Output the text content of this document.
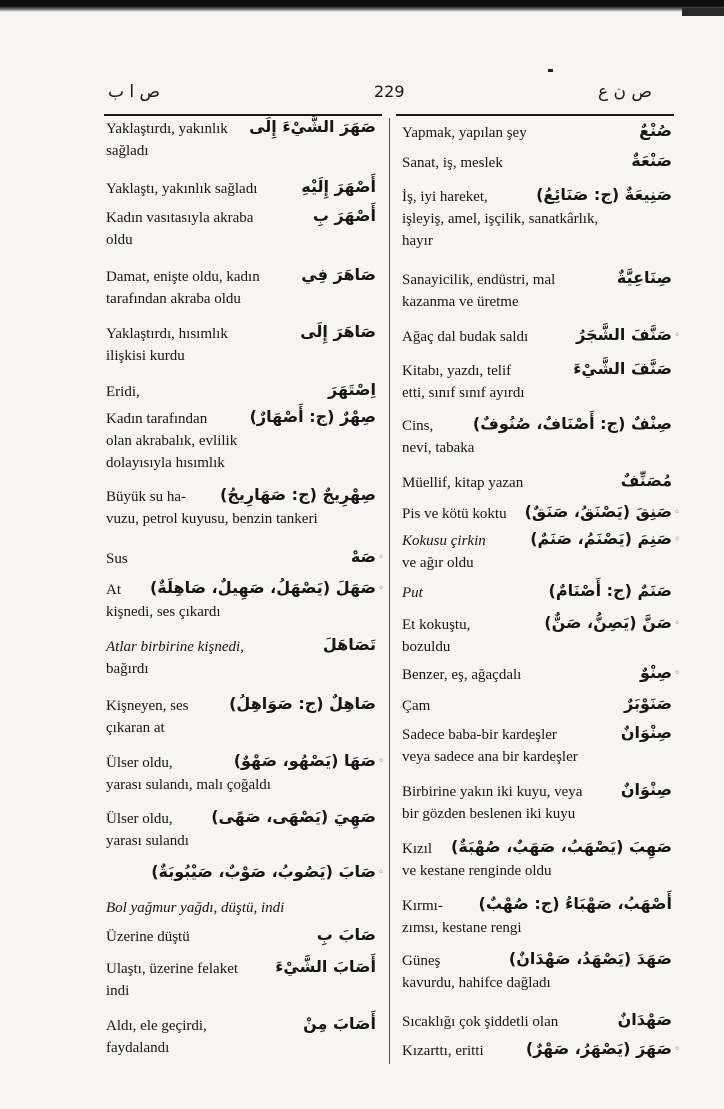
ص ا ب	229	ص ن ع
صَهَرَ الشَّيْءَ إِلَى
Yaklaştırdı, yakınlık
sağladı
أَصْهَرَ إِلَيْهِ
Yaklaştı, yakınlık sağladı
أَصْهَرَ بِ
Kadın vasıtasıyla akraba
oldu
صَاهَرَ فِي
Damat, enişte oldu, kadın
tarafından akraba oldu
صَاهَرَ إِلَى
Yaklaştırdı, hısımlık
ilişkisi kurdu
اِصْتَهَرَ
Eridi,
صِهْرٌ (ج: أَصْهَارٌ)
Kadın tarafından
olan akrabalık, evlilik
dolayısıyla hısımlık
صِهْرِيجٌ (ج: صَهَارِيجُ)
Büyük su ha-
vuzu, petrol kuyusu, benzin tankeri
صَهْ
Sus	◦
صَهَلَ (يَصْهَلُ، صَهِيلٌ، صَاهِلَةٌ)
At
kişnedi, ses çıkardı
◦
تَصَاهَلَ
Atlar birbirine kişnedi,
bağırdı
صَاهِلٌ (ج: صَوَاهِلُ)
Kişneyen, ses
çıkaran at
صَهَا (يَصْهُو، صَهْوٌ)
Ülser oldu,
yarası sulandı, malı çoğaldı
◦
صَهِيَ (يَصْهَى، صَهًى)
Ülser oldu,
yarası sulandı
صَابَ (يَصُوبُ، صَوْبٌ، صَيْبُوبَةٌ) ◦
Bol yağmur yağdı, düştü, indi
صَابَ بِ
Üzerine düştü
أَصَابَ الشَّيْءَ
Ulaştı, üzerine felaket
indi
أَصَابَ مِنْ
Aldı, ele geçirdi,
faydalandı
صُنْعٌ
Yapmak, yapılan şey
صَنْعَةٌ
Sanat, iş, meslek
صَنِيعَةٌ (ج: صَنَائِعُ)
İş, iyi hareket,
işleyiş, amel, işçilik, sanatkârlık,
hayır
صِنَاعِيَّةٌ
Sanayicilik, endüstri, mal
kazanma ve üretme
صَنَّفَ الشَّجَرُ
Ağaç dal budak saldı	◦
صَنَّفَ الشَّيْءَ
Kitabı, yazdı, telif
etti, sınıf sınıf ayırdı
صِنْفٌ (ج: أَصْنَافٌ، صُنُوفٌ)
Cins,
nevi, tabaka
مُصَنِّفٌ
Müellif, kitap yazan
صَنِقَ (يَصْنَقُ، صَنَقٌ)
Pis ve kötü koktu	◦
صَنِمَ (يَصْنَمُ، صَنَمٌ)
Kokusu çirkin
ve ağır oldu
◦
صَنَمٌ (ج: أَصْنَامٌ)
Put
صَنَّ (يَصِنُّ، صَنٌّ)
Et kokuştu,
bozuldu
◦
صِنْوٌ
Benzer, eş, ağaçdalı	◦
صَنَوْبَرٌ
Çam
صِنْوَانٌ
Sadece baba-bir kardeşler
veya sadece ana bir kardeşler
صِنْوَانٌ
Birbirine yakın iki kuyu, veya
bir gözden beslenen iki kuyu
صَهِبَ (يَصْهَبُ، صَهَبٌ، صُهْبَةٌ)
Kızıl
ve kestane renginde oldu
أَصْهَبُ، صَهْبَاءُ (ج: صُهْبٌ)
Kırmı-
zımsı, kestane rengi
صَهَدَ (يَصْهَدُ، صَهْدَانٌ)
Güneş
kavurdu, hahifce dağladı
صَهْدَانٌ
Sıcaklığı çok şiddetli olan
صَهَرَ (يَصْهَرُ، صَهْرٌ)
Kızarttı, eritti	◦
